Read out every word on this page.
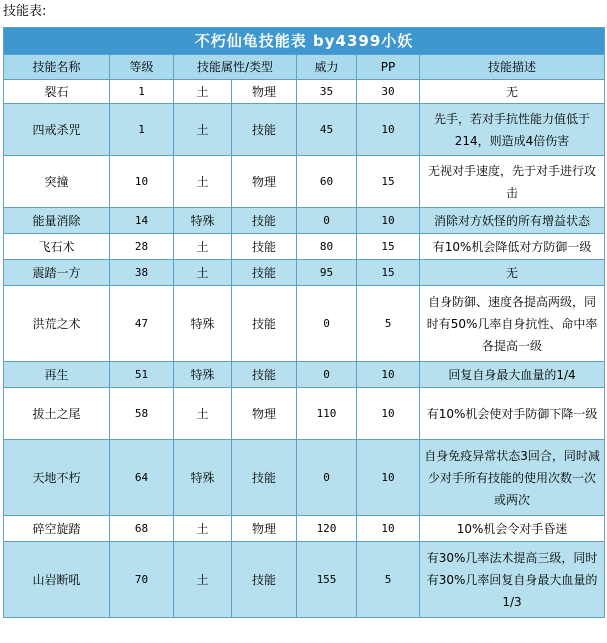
技能表:
不朽仙龟技能表 by4399小妖						
技能名称	等级	技能属性/类型		威力	PP	技能描述
裂石	1	土	物理	35	30	无
四戒杀咒	1	土	技能	45	10	先手，若对手抗性能力值低于214，则造成4倍伤害
突撞	10	土	物理	60	15	无视对手速度，先于对手进行攻击
能量消除	14	特殊	技能	0	10	消除对方妖怪的所有增益状态
飞石术	28	土	技能	80	15	有10%机会降低对方防御一级
震踏一方	38	土	技能	95	15	无
洪荒之术	47	特殊	技能	0	5	自身防御、速度各提高两级，同时有50%几率自身抗性、命中率各提高一级
再生	51	特殊	技能	0	10	回复自身最大血量的1/4
拔土之尾	58	土	物理	110	10	有10%机会使对手防御下降一级
天地不朽	64	特殊	技能	0	10	自身免疫异常状态3回合，同时减少对手所有技能的使用次数一次或两次
碎空旋踏	68	土	物理	120	10	10%机会令对手昏迷
山岩断吼	70	土	技能	155	5	有30%几率法术提高三级，同时有30%几率回复自身最大血量的1/3
